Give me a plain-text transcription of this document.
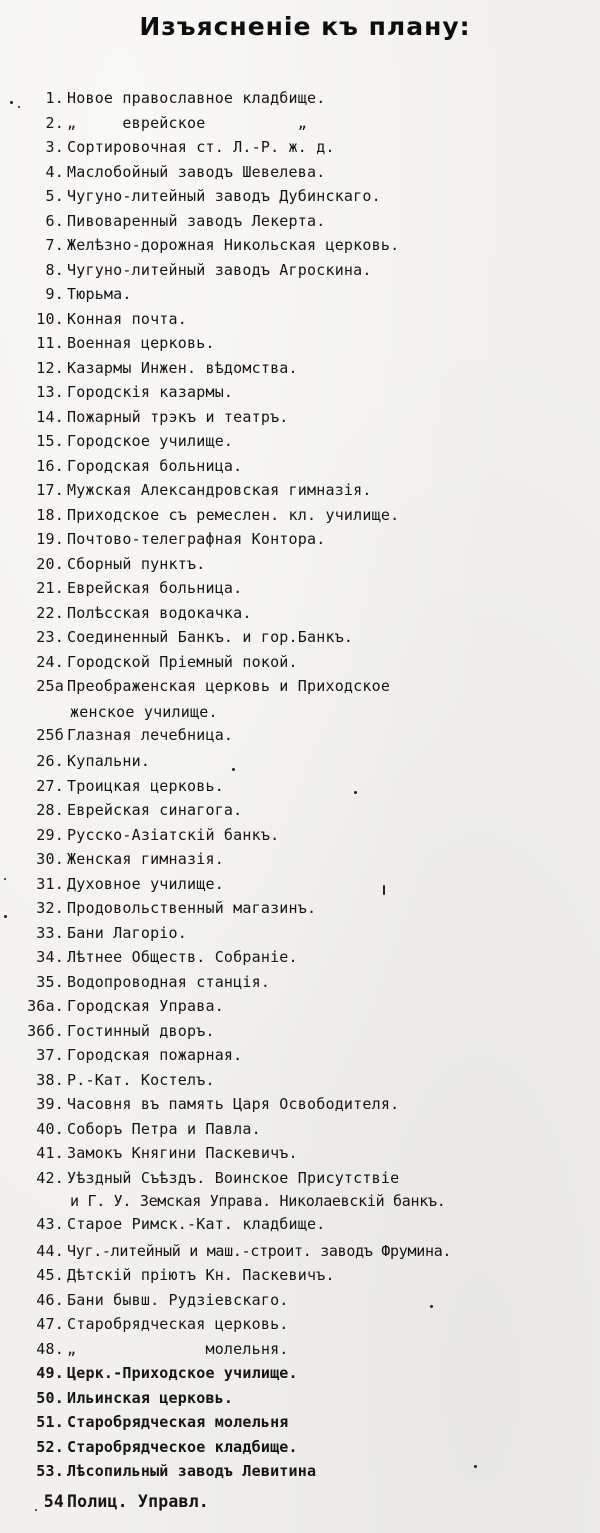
Изъясненіе къ плану:
1. Новое православное кладбище.
2. „     еврейское          „
3. Сортировочная ст. Л.-Р. ж. д.
4. Маслобойный заводъ Шевелева.
5. Чугуно-литейный заводъ Дубинскаго.
6. Пивоваренный заводъ Лекерта.
7. Желѣзно-дорожная Никольская церковь.
8. Чугуно-литейный заводъ Агроскина.
9. Тюрьма.
10. Конная почта.
11. Военная церковь.
12. Казармы Инжен. вѣдомства.
13. Городскія казармы.
14. Пожарный трэкъ и театръ.
15. Городское училище.
16. Городская больница.
17. Мужская Александровская гимназія.
18. Приходское съ ремеслен. кл. училище.
19. Почтово-телеграфная Контора.
20. Сборный пунктъ.
21. Еврейская больница.
22. Полѣсская водокачка.
23. Соединенный Банкъ. и гор.Банкъ.
24. Городской Пріемный покой.
25а Преображенская церковь и Приходское
женское училище.
25б Глазная лечебница.
26. Купальни.
27. Троицкая церковь.
28. Еврейская синагога.
29. Русско-Азіатскій банкъ.
30. Женская гимназія.
31. Духовное училище.
32. Продовольственный магазинъ.
33. Бани Лагоріо.
34. Лѣтнее Обществ. Собраніе.
35. Водопроводная станція.
36а. Городская Управа.
36б. Гостинный дворъ.
37. Городская пожарная.
38. Р.-Кат. Костелъ.
39. Часовня въ память Царя Освободителя.
40. Соборъ Петра и Павла.
41. Замокъ Княгини Паскевичъ.
42. Уѣздный Съѣздъ. Воинское Присутствіе
и Г. У. Земская Управа. Николаевскій банкъ.
43. Старое Римск.-Кат. кладбище.
44. Чуг.-литейный и маш.-строит. заводъ Фрумина.
45. Дѣтскій пріютъ Кн. Паскевичъ.
46. Бани бывш. Рудзіевскаго.
47. Старобрядческая церковь.
48. „              молельня.
49. Церк.-Приходское училище.
50. Ильинская церковь.
51. Старобрядческая молельня
52. Старобрядческое кладбище.
53. Лѣсопильный заводъ Левитина
54 Полиц. Управл.
